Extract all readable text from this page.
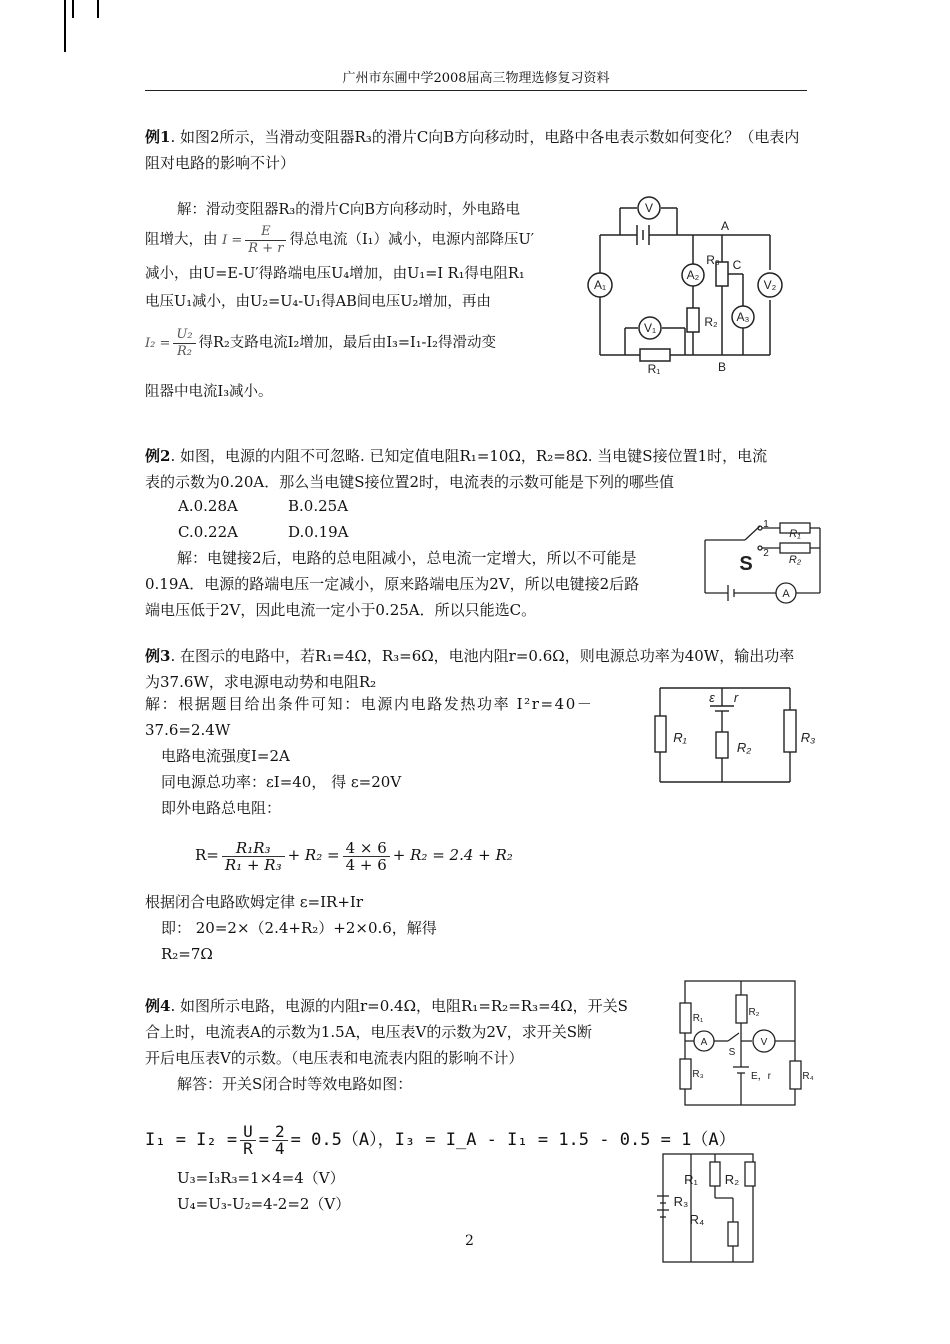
广州市东圃中学2008届高三物理选修复习资料
例1. 如图2所示，当滑动变阻器R₃的滑片C向B方向移动时，电路中各电表示数如何变化？（电表内阻对电路的影响不计）
解：滑动变阻器R₃的滑片C向B方向移动时，外电路电
阻增大，由 $I = \frac{E}{R + r}$ 得总电流（I₁）减小，电源内部降压U′
减小，由U=E-U′得路端电压U₄增加，由U₁=I R₁得电阻R₁
电压U₁减小，由U₂=U₄-U₁得AB间电压U₂增加，再由
$I_2 = \frac{\text{U₂}}{\text{R₂}}$ 得R₂支路电流I₂增加，最后由I₃=I₁-I₂得滑动变
阻器中电流I₃减小。
V
A₁
A₂
A₃
V₁
V₂
R₁
R₂
R₃ C
A
B
例2. 如图，电源的内阻不可忽略. 已知定值电阻R₁=10Ω，R₂=8Ω. 当电键S接位置1时，电流
表的示数为0.20A．那么当电键S接位置2时，电流表的示数可能是下列的哪些值
A.0.28A	B.0.25A
C.0.22A	D.0.19A
解：电键接2后，电路的总电阻减小，总电流一定增大，所以不可能是
0.19A．电源的路端电压一定减小，原来路端电压为2V，所以电键接2后路
端电压低于2V，因此电流一定小于0.25A．所以只能选C。
S
1
2
R₁
R₂
A
例3. 在图示的电路中，若R₁=4Ω，R₃=6Ω，电池内阻r=0.6Ω，则电源总功率为40W，输出功率
为37.6W，求电源电动势和电阻R₂
解：根据题目给出条件可知：电源内电路发热功率 I²r=40－
37.6=2.4W
电路电流强度I=2A
同电源总功率：εI=40， 得 ε=20V
即外电路总电阻：
$R= \frac{\text{R₁R₃}}{\text{R₁ + R₃}} + R_2 = \frac{4 \times 6}{4 + 6} + R_2 = 2.4 + R_2$
根据闭合电路欧姆定律 ε=IR+Ir
即： 20=2×（2.4+R₂）+2×0.6，解得
R₂=7Ω
ε r
R₁
R₂
R₃
例4. 如图所示电路，电源的内阻r=0.4Ω，电阻R₁=R₂=R₃=4Ω，开关S
合上时，电流表A的示数为1.5A，电压表V的示数为2V，求开关S断
开后电压表V的示数。（电压表和电流表内阻的影响不计）
解答：开关S闭合时等效电路如图：
$I_1 = I_2 = \frac{U}{R} = \frac{2}{4} = 0.5(A)$，I₃ = I_A - I₁ = 1.5 - 0.5 = 1（A）
U₃=I₃R₃=1×4=4（V）
U₄=U₃-U₂=4-2=2（V）
R₁
R₂
R₃	R₄
A	V
S
E，r
R₁ R₂
R₃
R₄
2
